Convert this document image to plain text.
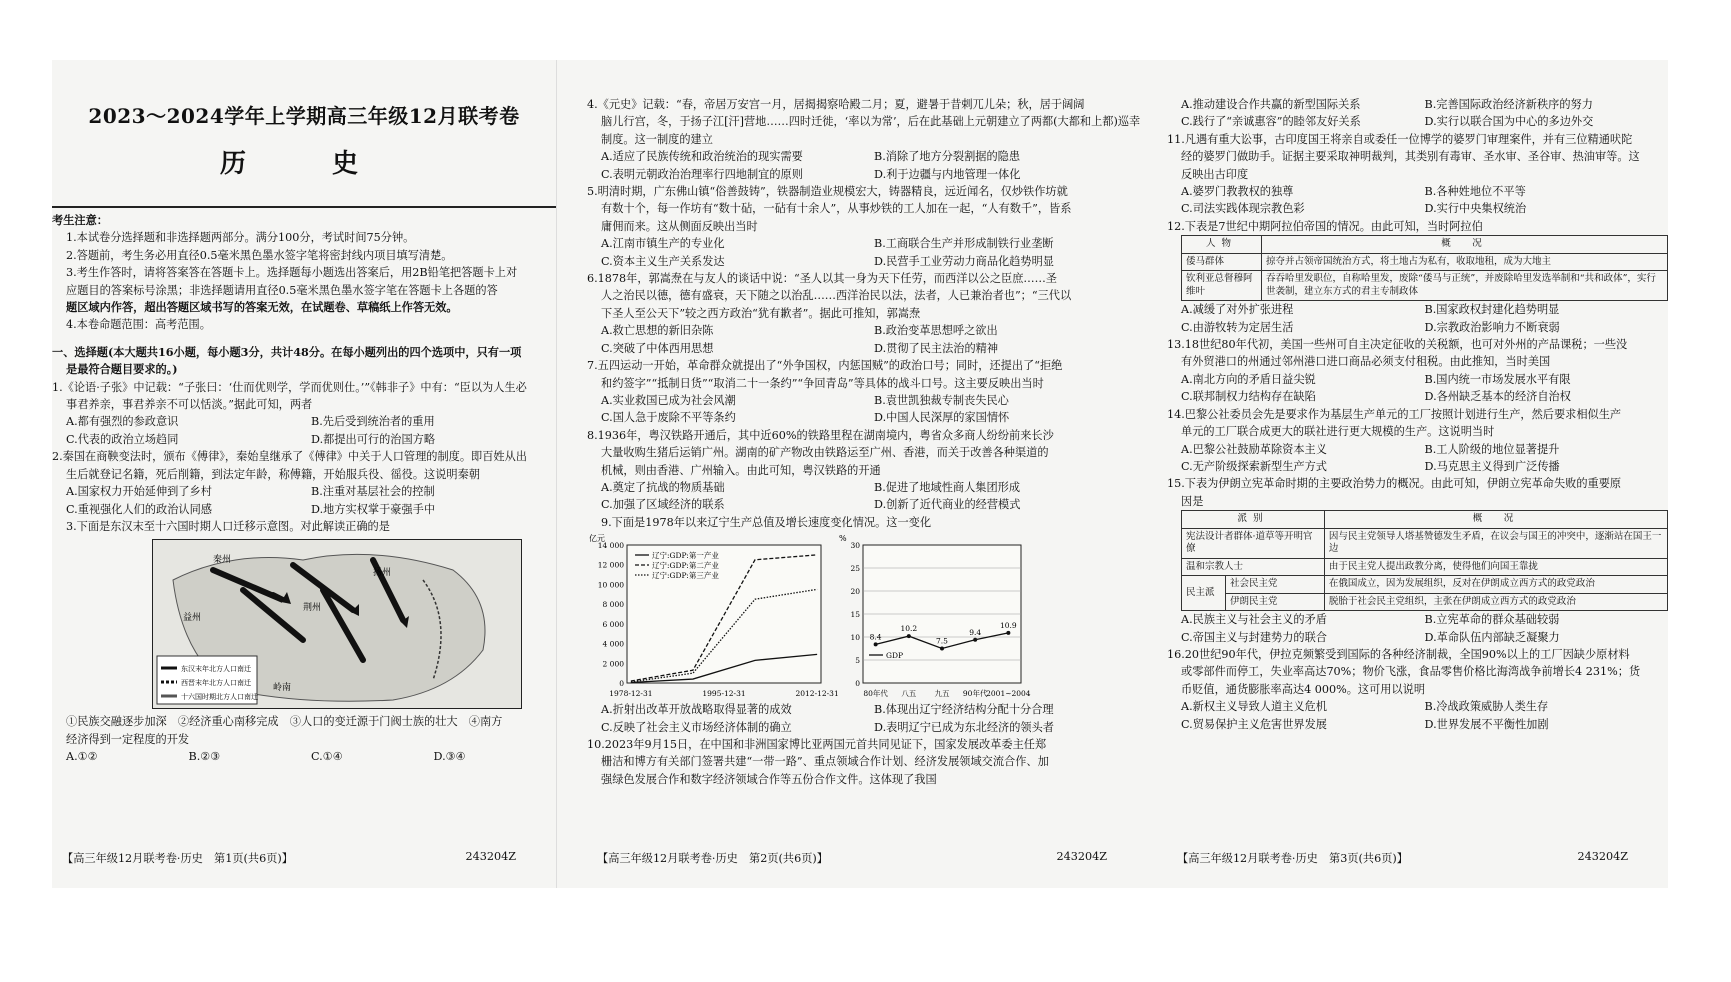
2023～2024学年上学期高三年级12月联考卷
历　史
考生注意：
1.本试卷分选择题和非选择题两部分。满分100分，考试时间75分钟。
2.答题前，考生务必用直径0.5毫米黑色墨水签字笔将密封线内项目填写清楚。
3.考生作答时，请将答案答在答题卡上。选择题每小题选出答案后，用2B铅笔把答题卡上对
应题目的答案标号涂黑；非选择题请用直径0.5毫米黑色墨水签字笔在答题卡上各题的答
题区域内作答，超出答题区域书写的答案无效，在试题卷、草稿纸上作答无效。
4.本卷命题范围：高考范围。
一、选择题(本大题共16小题，每小题3分，共计48分。在每小题列出的四个选项中，只有一项
是最符合题目要求的。)
1.《论语·子张》中记载：“子张曰：‘仕而优则学，学而优则仕。’”《韩非子》中有：“臣以为人生必
事君养亲，事君养亲不可以恬淡。”据此可知，两者
A.都有强烈的参政意识	B.先后受到统治者的重用
C.代表的政治立场趋同	D.都提出可行的治国方略
2.秦国在商鞅变法时，颁布《傅律》，秦始皇继承了《傅律》中关于人口管理的制度。即百姓从出
生后就登记名籍，死后削籍，到法定年龄，称傅籍，开始服兵役、徭役。这说明秦朝
A.国家权力开始延伸到了乡村	B.注重对基层社会的控制
C.重视强化人们的政治认同感	D.地方实权掌于豪强手中
3.下面是东汉末至十六国时期人口迁移示意图。对此解读正确的是
秦州
扬州
荆州
益州
岭南
东汉末年北方人口南迁
西晋末年北方人口南迁
十六国时期北方人口南迁
①民族交融逐步加深　②经济重心南移完成　③人口的变迁源于门阀士族的壮大　④南方
经济得到一定程度的开发
A.①②	B.②③	C.①④	D.③④
【高三年级12月联考卷·历史　第1页(共6页)】	243204Z
4.《元史》记载：“春，帝居万安宫一月，居揭揭察哈殿二月；夏，避暑于昔剌兀儿朵；秋，居于阔阔
脑儿行宫，冬，于扬子江[汗]营地……四时迁徙，‘率以为常’，后在此基础上元朝建立了两都(大都和上都)巡幸
制度。这一制度的建立
A.适应了民族传统和政治统治的现实需要	B.消除了地方分裂割据的隐患
C.表明元朝政治治理率行四地制宜的原则	D.利于边疆与内地管理一体化
5.明清时期，广东佛山镇“俗善鼓铸”，铁器制造业规模宏大，铸器精良，远近闻名，仅炒铁作坊就
有数十个，每一作坊有“数十砧，一砧有十余人”，从事炒铁的工人加在一起，“人有数千”，皆系
庸佣而来。这从侧面反映出当时
A.江南市镇生产的专业化	B.工商联合生产并形成制铁行业垄断
C.资本主义生产关系发达	D.民营手工业劳动力商品化趋势明显
6.1878年，郭嵩焘在与友人的谈话中说：“圣人以其一身为天下任劳，而西洋以公之臣庶……圣
人之治民以德，德有盛衰，天下随之以治乱……西洋治民以法，法者，人已兼治者也”；“三代以
下圣人至公天下”较之西方政治“犹有歉者”。据此可推知，郭嵩焘
A.救亡思想的新旧杂陈	B.政治变革思想呼之欲出
C.突破了中体西用思想	D.贯彻了民主法治的精神
7.五四运动一开始，革命群众就提出了“外争国权，内惩国贼”的政治口号；同时，还提出了“拒绝
和约签字”“抵制日货”“取消二十一条约”“争回青岛”等具体的战斗口号。这主要反映出当时
A.实业救国已成为社会风潮	B.袁世凯独裁专制丧失民心
C.国人急于废除不平等条约	D.中国人民深厚的家国情怀
8.1936年，粤汉铁路开通后，其中近60%的铁路里程在湖南境内，粤省众多商人纷纷前来长沙
大量收购生猪后运销广州。湖南的矿产物改由铁路运至广州、香港，而关于改善各种渠道的
机械，则由香港、广州输入。由此可知，粤汉铁路的开通
A.奠定了抗战的物质基础	B.促进了地域性商人集团形成
C.加强了区域经济的联系	D.创新了近代商业的经营模式
9.下面是1978年以来辽宁生产总值及增长速度变化情况。这一变化
亿元
14 000
12 000
10 000
8 000
6 000
4 000
2 000
0
1978-12-31	1995-12-31	2012-12-31
辽宁:GDP:第一产业
辽宁:GDP:第二产业
辽宁:GDP:第三产业
%
30
25
20
15
10
5
0
80年代 八五 九五 90年代
2001~2004
8.4
10.2
7.5
9.4
10.9
GDP
A.折射出改革开放战略取得显著的成效	B.体现出辽宁经济结构分配十分合理
C.反映了社会主义市场经济体制的确立	D.表明辽宁已成为东北经济的领头者
10.2023年9月15日，在中国和非洲国家博比亚两国元首共同见证下，国家发展改革委主任郑
栅洁和博方有关部门签署共建“一带一路”、重点领域合作计划、经济发展领域交流合作、加
强绿色发展合作和数字经济领域合作等五份合作文件。这体现了我国
【高三年级12月联考卷·历史　第2页(共6页)】	243204Z
A.推动建设合作共赢的新型国际关系	B.完善国际政治经济新秩序的努力
C.践行了“亲诚惠容”的睦邻友好关系	D.实行以联合国为中心的多边外交
11.凡遇有重大讼事，古印度国王将亲自或委任一位博学的婆罗门审理案件，并有三位精通吠陀
经的婆罗门做助手。证据主要采取神明裁判，其类别有毒审、圣水审、圣谷审、热油审等。这
反映出古印度
A.婆罗门教教权的独尊	B.各种姓地位不平等
C.司法实践体现宗教色彩	D.实行中央集权统治
12.下表是7世纪中期阿拉伯帝国的情况。由此可知，当时阿拉伯
人物	概　况
倭马群体	掠夺并占领帝国统治方式，将土地占为私有，收取地租，成为大地主
钦利亚总督穆阿维叶	吞吞哈里发职位，自称哈里发，废除“倭马与正统”，并废除哈里发选举制和“共和政体”，实行世袭制，建立东方式的君主专制政体
A.减缓了对外扩张进程	B.国家政权封建化趋势明显
C.由游牧转为定居生活	D.宗教政治影响力不断衰弱
13.18世纪80年代初，美国一些州可自主决定征收的关税额，也可对外州的产品课税；一些没
有外贸港口的州通过邻州港口进口商品必须支付租税。由此推知，当时美国
A.南北方向的矛盾日益尖锐	B.国内统一市场发展水平有限
C.联邦制权力结构存在缺陷	D.各州缺乏基本的经济自治权
14.巴黎公社委员会先是要求作为基层生产单元的工厂按照计划进行生产，然后要求相似生产
单元的工厂联合成更大的联社进行更大规模的生产。这说明当时
A.巴黎公社鼓励革除资本主义	B.工人阶级的地位显著提升
C.无产阶级探索新型生产方式	D.马克思主义得到广泛传播
15.下表为伊朗立宪革命时期的主要政治势力的概况。由此可知，伊朗立宪革命失败的重要原
因是
派别		概　况
宪法设计者群体·道草等开明官僚		因与民主党领导人塔基赞德发生矛盾，在议会与国王的冲突中，逐渐站在国王一边
温和宗教人士		由于民主党人提出政教分离，使得他们向国王靠拢
民主派	社会民主党	在俄国成立，因为发展组织，反对在伊朗成立西方式的政党政治
	伊朗民主党	脱胎于社会民主党组织，主张在伊朗成立西方式的政党政治
A.民族主义与社会主义的矛盾	B.立宪革命的群众基础较弱
C.帝国主义与封建势力的联合	D.革命队伍内部缺乏凝聚力
16.20世纪90年代，伊拉克频繁受到国际的各种经济制裁，全国90%以上的工厂因缺少原材料
或零部件而停工，失业率高达70%；物价飞涨，食品零售价格比海湾战争前增长4 231%；货
币贬值，通货膨胀率高达4 000%。这可用以说明
A.新权主义导致人道主义危机	B.冷战政策威胁人类生存
C.贸易保护主义危害世界发展	D.世界发展不平衡性加剧
【高三年级12月联考卷·历史　第3页(共6页)】	243204Z
